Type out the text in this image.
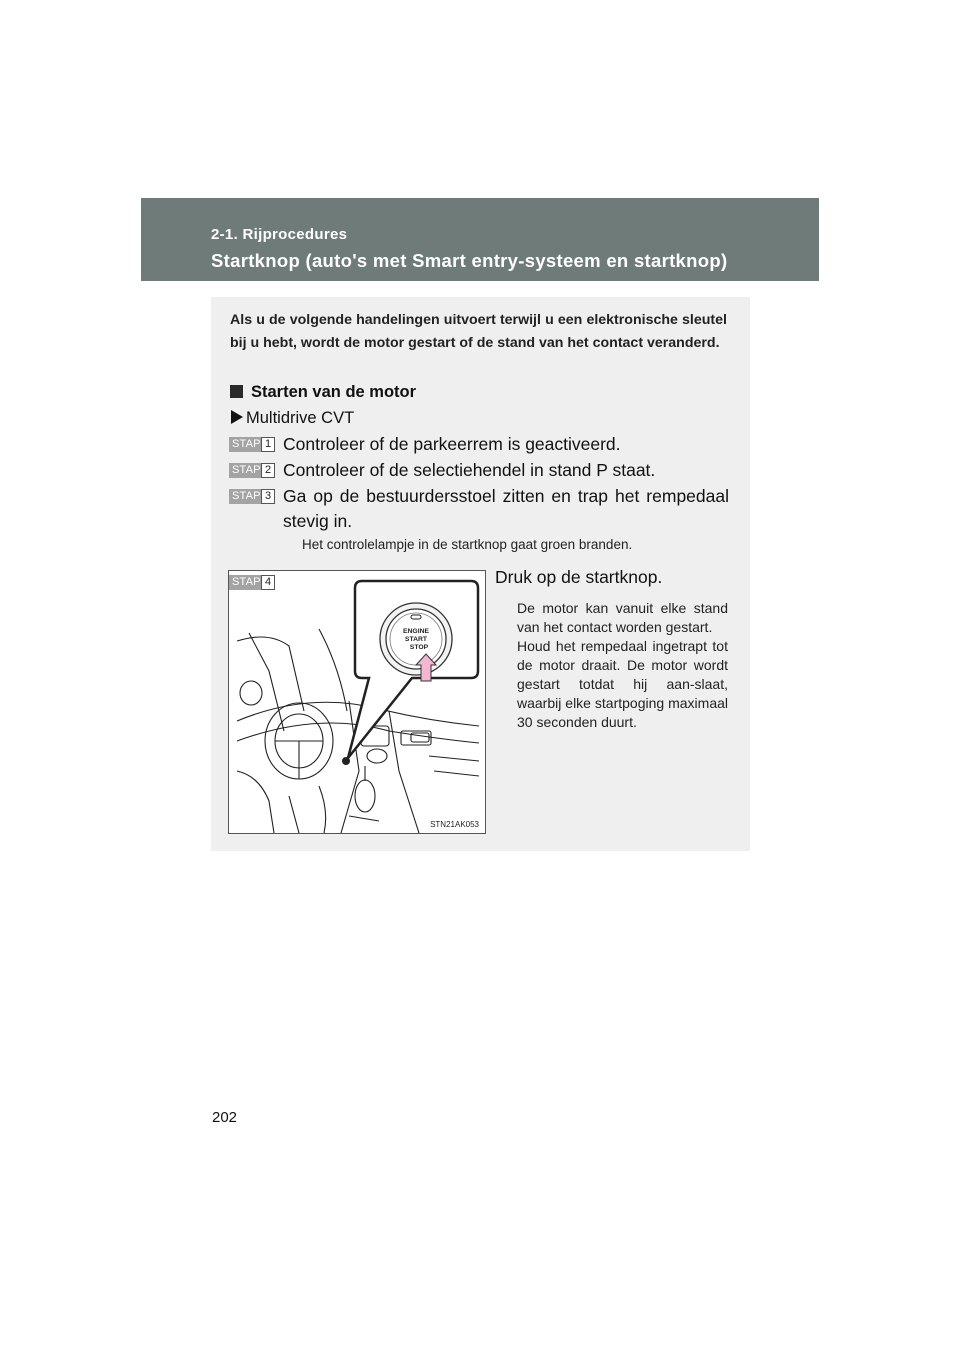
2-1. Rijprocedures
Startknop (auto's met Smart entry-systeem en startknop)
Als u de volgende handelingen uitvoert terwijl u een elektronische sleutel bij u hebt, wordt de motor gestart of de stand van het contact veranderd.
Starten van de motor
Multidrive CVT
STAP 1 Controleer of de parkeerrem is geactiveerd.
STAP 2 Controleer of de selectiehendel in stand P staat.
STAP 3 Ga op de bestuurdersstoel zitten en trap het rempedaal stevig in.
Het controlelampje in de startknop gaat groen branden.
STAP 4
ENGINE
START
STOP
STN21AK053
Druk op de startknop.

De motor kan vanuit elke stand van het contact worden gestart.

Houd het rempedaal ingetrapt tot de motor draait. De motor wordt gestart totdat hij aan-slaat, waarbij elke startpoging maximaal 30 seconden duurt.

202
